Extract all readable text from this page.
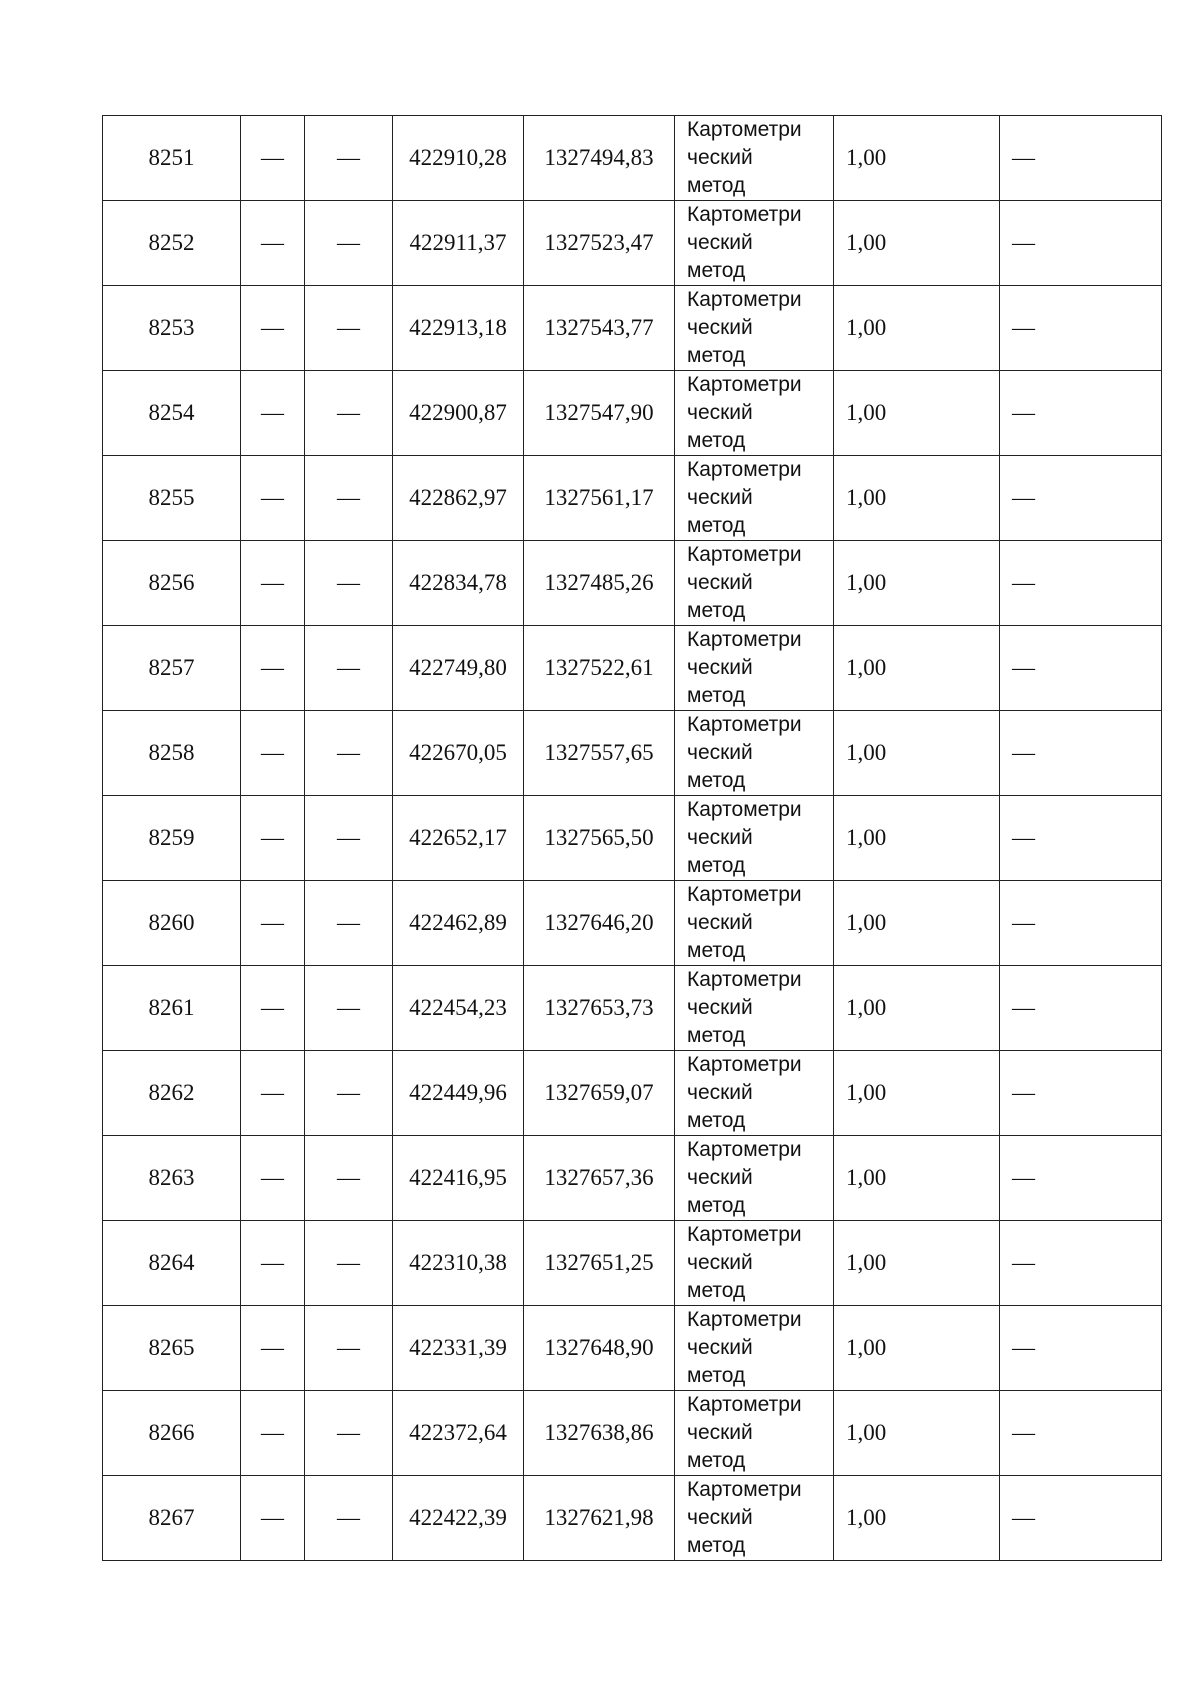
8251	—	—	422910,28	1327494,83	Картометри
ческий
метод	1,00	—
8252	—	—	422911,37	1327523,47	Картометри
ческий
метод	1,00	—
8253	—	—	422913,18	1327543,77	Картометри
ческий
метод	1,00	—
8254	—	—	422900,87	1327547,90	Картометри
ческий
метод	1,00	—
8255	—	—	422862,97	1327561,17	Картометри
ческий
метод	1,00	—
8256	—	—	422834,78	1327485,26	Картометри
ческий
метод	1,00	—
8257	—	—	422749,80	1327522,61	Картометри
ческий
метод	1,00	—
8258	—	—	422670,05	1327557,65	Картометри
ческий
метод	1,00	—
8259	—	—	422652,17	1327565,50	Картометри
ческий
метод	1,00	—
8260	—	—	422462,89	1327646,20	Картометри
ческий
метод	1,00	—
8261	—	—	422454,23	1327653,73	Картометри
ческий
метод	1,00	—
8262	—	—	422449,96	1327659,07	Картометри
ческий
метод	1,00	—
8263	—	—	422416,95	1327657,36	Картометри
ческий
метод	1,00	—
8264	—	—	422310,38	1327651,25	Картометри
ческий
метод	1,00	—
8265	—	—	422331,39	1327648,90	Картометри
ческий
метод	1,00	—
8266	—	—	422372,64	1327638,86	Картометри
ческий
метод	1,00	—
8267	—	—	422422,39	1327621,98	Картометри
ческий
метод	1,00	—
